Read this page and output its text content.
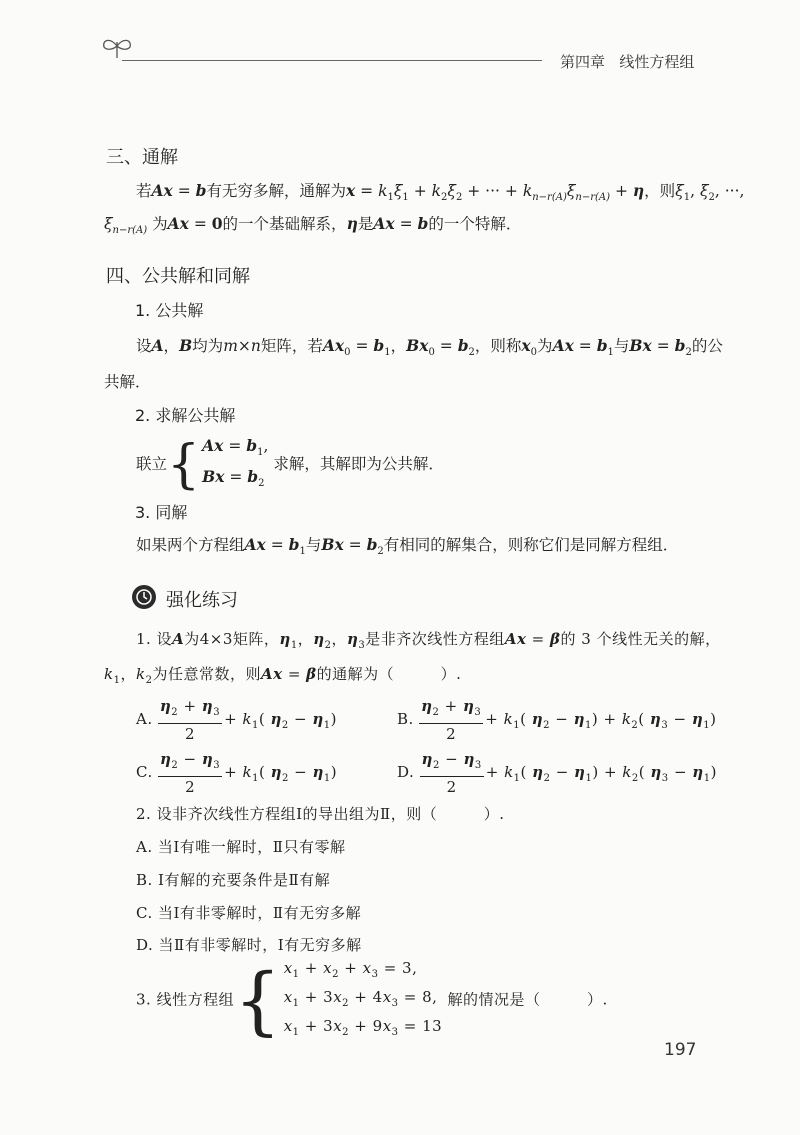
第四章 线性方程组
三、通解
若Ax = b有无穷多解，通解为$x = k_1\xi_1 + k_2\xi_2$ + ··· + $k_{n-r(A)}\xi_{n-r(A)} + \eta$，则$\xi_1$, $\xi_2$, ···,
$\xi_{n-r(A)}$ 为Ax = 0的一个基础解系，η是Ax = b的一个特解．
四、公共解和同解
1. 公共解
设A，B均为m×n矩阵，若$Ax_0 = b_1$，$Bx_0 = b_2$，则称$x_0$为$Ax = b_1$与$Bx = b_2$的公
共解．
2. 求解公共解
联立 { $Ax = b_1$,
$Bx = b_2$
求解，其解即为公共解．
3. 同解
如果两个方程组$Ax = b_1$与$Bx = b_2$有相同的解集合，则称它们是同解方程组．
强化练习
1. 设A为4×3矩阵，$\eta_1$，$\eta_2$，$\eta_3$是非齐次线性方程组Ax = β的 3 个线性无关的解，
$k_1$，$k_2$为任意常数，则Ax = β的通解为（　　　）.
A. $\frac{\eta_2 + \eta_3}{2} + k_1$( $\eta_2 - \eta_1$)	B. $\frac{\eta_2 + \eta_3}{2} + k_1$( $\eta_2 - \eta_1) + k_2$( $\eta_3 - \eta_1$)
C. $\frac{\eta_2 - \eta_3}{2} + k_1$( $\eta_2 - \eta_1$)	D. $\frac{\eta_2 - \eta_3}{2} + k_1$( $\eta_2 - \eta_1) + k_2$( $\eta_3 - \eta_1$)
2. 设非齐次线性方程组Ⅰ的导出组为Ⅱ，则（　　　）.
A. 当Ⅰ有唯一解时，Ⅱ只有零解
B. Ⅰ有解的充要条件是Ⅱ有解
C. 当Ⅰ有非零解时，Ⅱ有无穷多解
D. 当Ⅱ有非零解时，Ⅰ有无穷多解
3. 线性方程组 { $x_1 + x_2 + x_3 = 3$,
$x_1 + 3x_2 + 4x_3 = 8$,
$x_1 + 3x_2 + 9x_3 = 13$
解的情况是（　　　）.
197
